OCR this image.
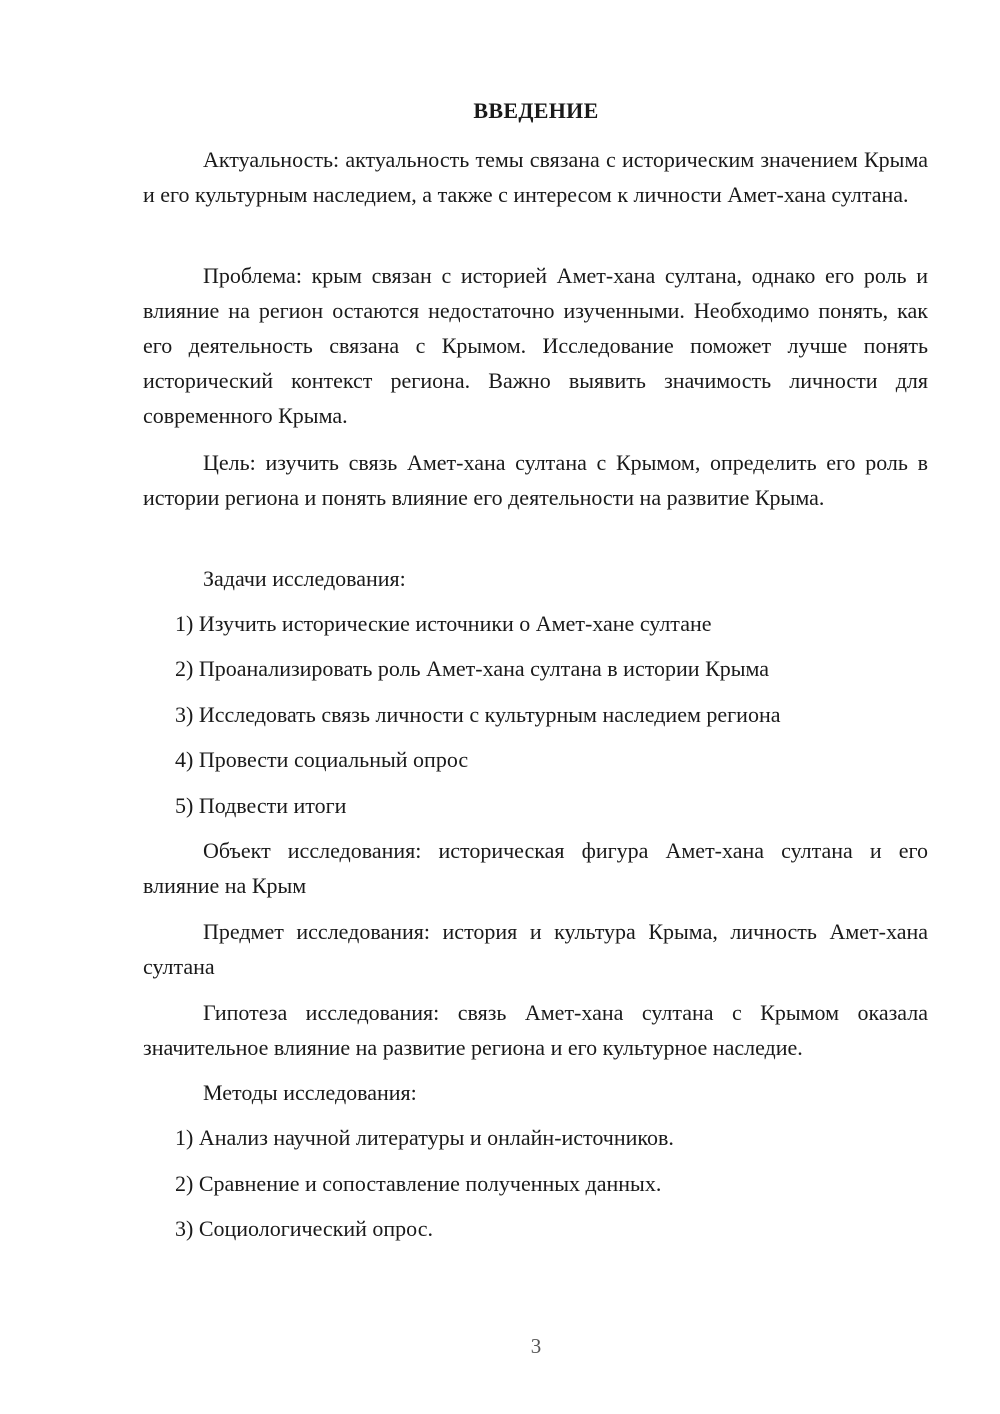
ВВЕДЕНИЕ

Актуальность: актуальность темы связана с историческим значением Крыма и его культурным наследием, а также с интересом к личности Амет-хана султана.

Проблема: крым связан с историей Амет-хана султана, однако его роль и влияние на регион остаются недостаточно изученными. Необходимо понять, как его деятельность связана с Крымом. Исследование поможет лучше понять исторический контекст региона. Важно выявить значимость личности для современного Крыма.

Цель: изучить связь Амет-хана султана с Крымом, определить его роль в истории региона и понять влияние его деятельности на развитие Крыма.

Задачи исследования:

1) Изучить исторические источники о Амет-хане султане

2) Проанализировать роль Амет-хана султана в истории Крыма

3) Исследовать связь личности с культурным наследием региона

4) Провести социальный опрос

5) Подвести итоги

Объект исследования: историческая фигура Амет-хана султана и его влияние на Крым

Предмет исследования: история и культура Крыма, личность Амет-хана султана

Гипотеза исследования: связь Амет-хана султана с Крымом оказала значительное влияние на развитие региона и его культурное наследие.

Методы исследования:

1) Анализ научной литературы и онлайн-источников.

2) Сравнение и сопоставление полученных данных.

3) Социологический опрос.

3
